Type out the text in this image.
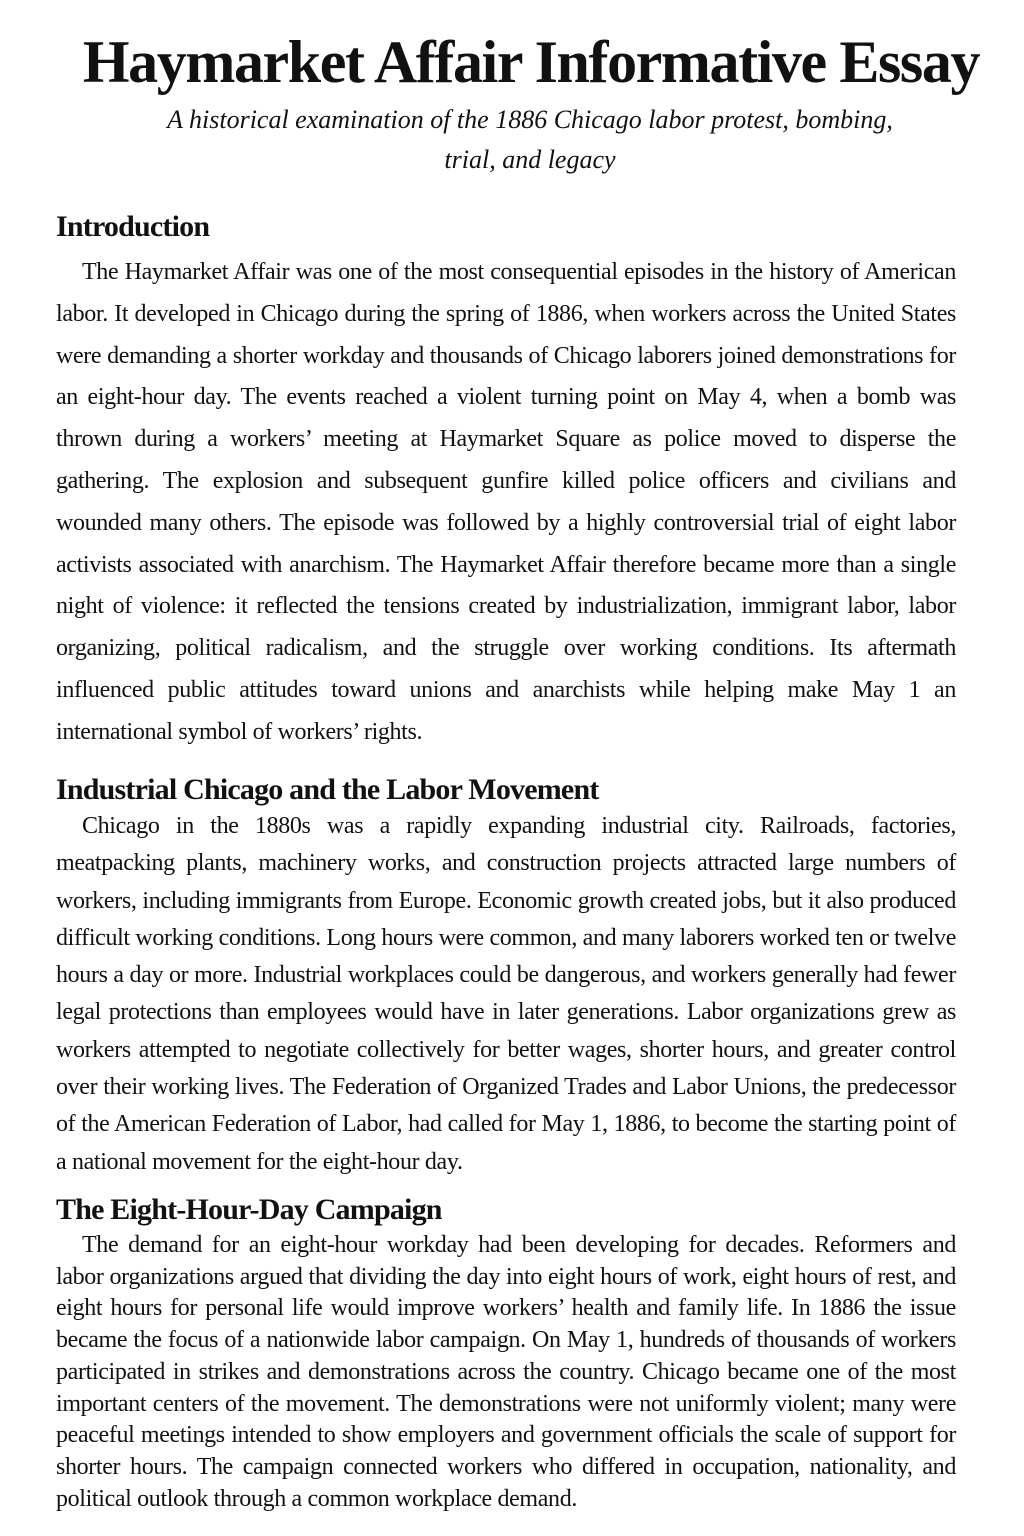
Haymarket Affair Informative Essay

A historical examination of the 1886 Chicago labor protest, bombing, trial, and legacy

Introduction

The Haymarket Affair was one of the most consequential episodes in the history of American labor. It developed in Chicago during the spring of 1886, when workers across the United States were demanding a shorter workday and thousands of Chicago laborers joined demonstrations for an eight-hour day. The events reached a violent turning point on May 4, when a bomb was thrown during a workers’ meeting at Haymarket Square as police moved to disperse the gathering. The explosion and subsequent gunfire killed police officers and civilians and wounded many others. The episode was followed by a highly controversial trial of eight labor activists associated with anarchism. The Haymarket Affair therefore became more than a single night of violence: it reflected the tensions created by industrialization, immigrant labor, labor organizing, political radicalism, and the struggle over working conditions. Its aftermath influenced public attitudes toward unions and anarchists while helping make May 1 an international symbol of workers’ rights.

Industrial Chicago and the Labor Movement

Chicago in the 1880s was a rapidly expanding industrial city. Railroads, factories, meatpacking plants, machinery works, and construction projects attracted large numbers of workers, including immigrants from Europe. Economic growth created jobs, but it also produced difficult working conditions. Long hours were common, and many laborers worked ten or twelve hours a day or more. Industrial workplaces could be dangerous, and workers generally had fewer legal protections than employees would have in later generations. Labor organizations grew as workers attempted to negotiate collectively for better wages, shorter hours, and greater control over their working lives. The Federation of Organized Trades and Labor Unions, the predecessor of the American Federation of Labor, had called for May 1, 1886, to become the starting point of a national movement for the eight-hour day.

The Eight-Hour-Day Campaign

The demand for an eight-hour workday had been developing for decades. Reformers and labor organizations argued that dividing the day into eight hours of work, eight hours of rest, and eight hours for personal life would improve workers’ health and family life. In 1886 the issue became the focus of a nationwide labor campaign. On May 1, hundreds of thousands of workers participated in strikes and demonstrations across the country. Chicago became one of the most important centers of the movement. The demonstrations were not uniformly violent; many were peaceful meetings intended to show employers and government officials the scale of support for shorter hours. The campaign connected workers who differed in occupation, nationality, and political outlook through a common workplace demand.
